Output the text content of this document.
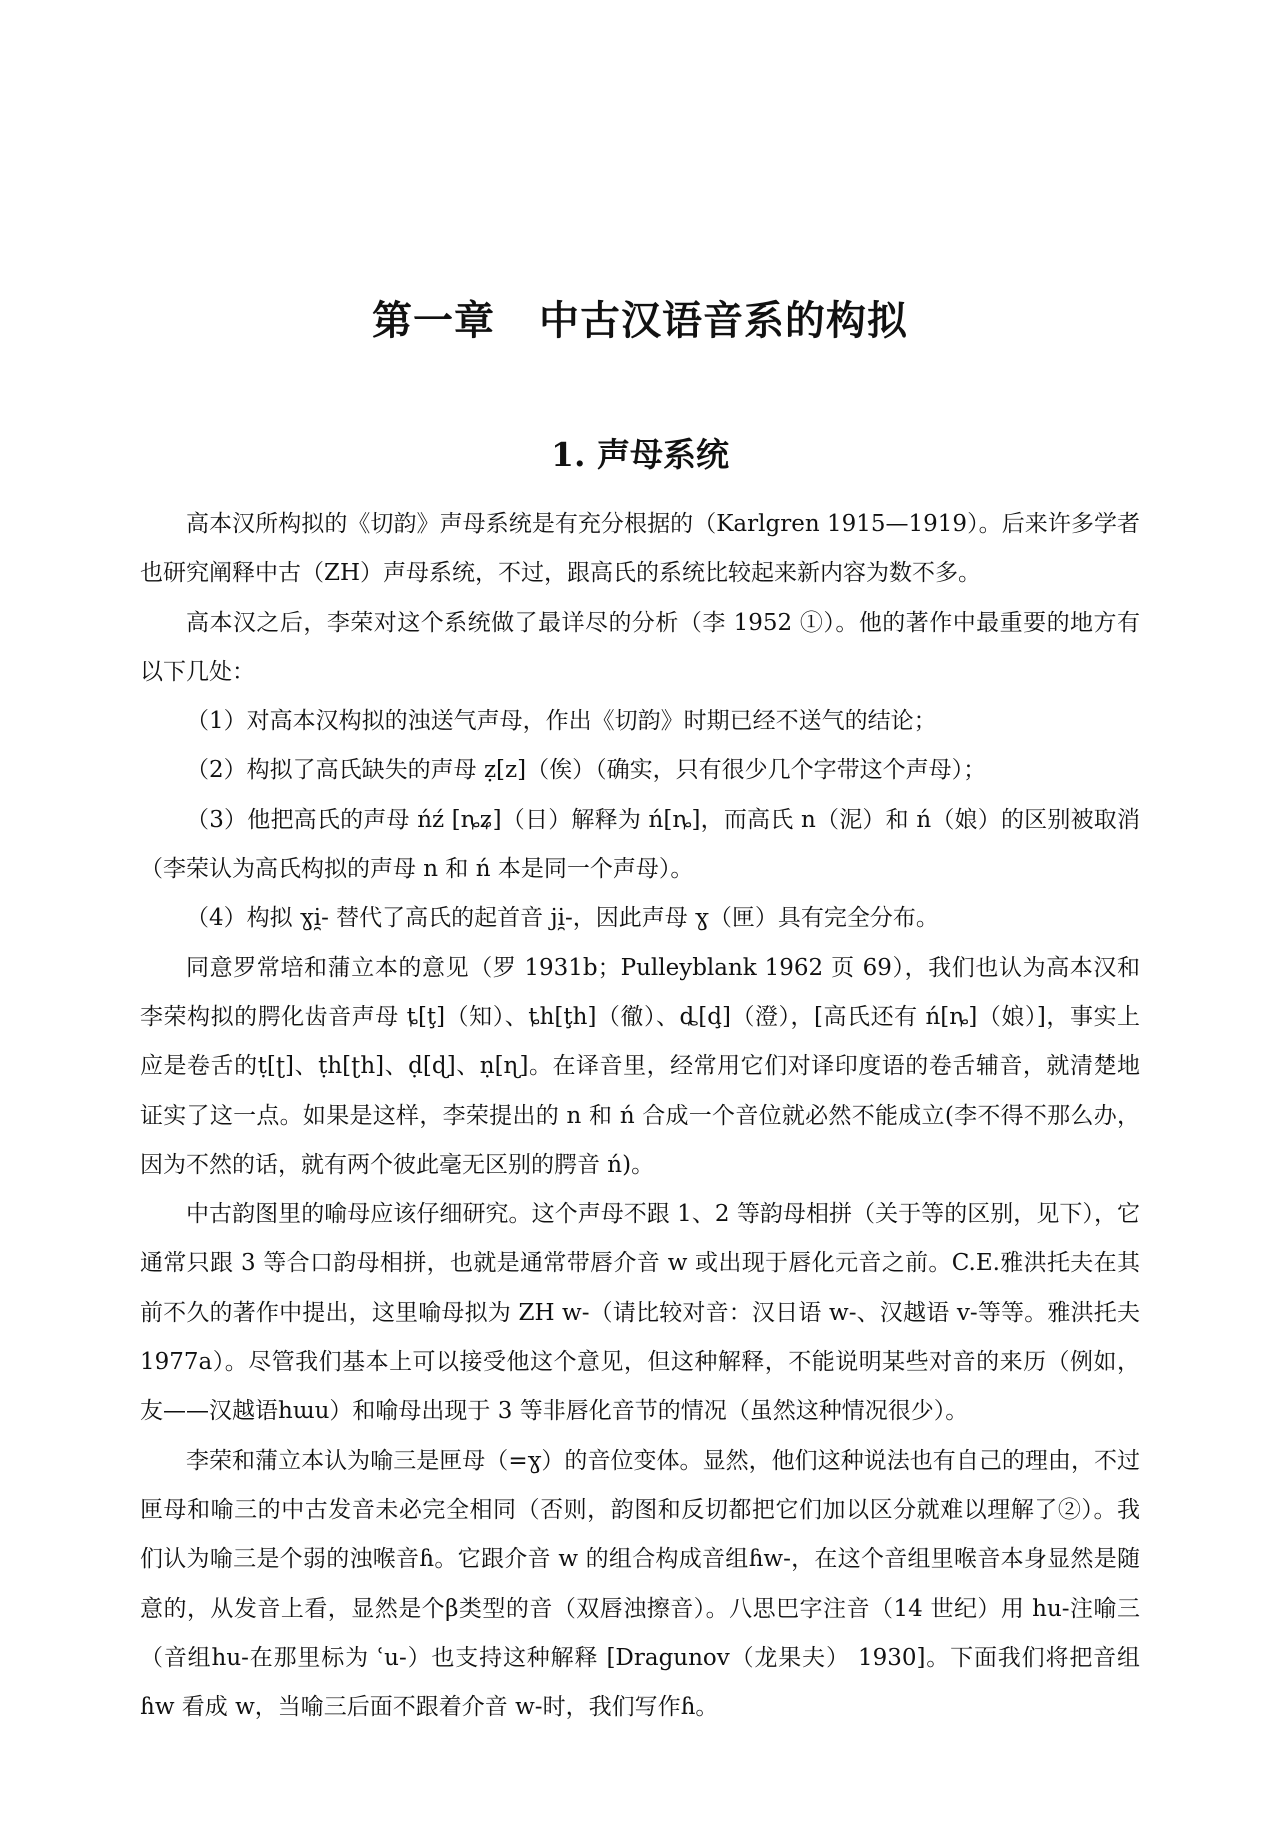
第一章 中古汉语音系的构拟
1. 声母系统

高本汉所构拟的《切韵》声母系统是有充分根据的（Karlgren 1915—1919）。后来许多学者也研究阐释中古（ZH）声母系统，不过，跟高氏的系统比较起来新内容为数不多。

高本汉之后，李荣对这个系统做了最详尽的分析（李 1952 ①）。他的著作中最重要的地方有以下几处：

（1）对高本汉构拟的浊送气声母，作出《切韵》时期已经不送气的结论；

（2）构拟了高氏缺失的声母 ẓ[z]（俟）（确实，只有很少几个字带这个声母）；

（3）他把高氏的声母 ńź [ȵʑ]（日）解释为 ń[ȵ]，而高氏 n（泥）和 ń（娘）的区别被取消（李荣认为高氏构拟的声母 n 和 ń 本是同一个声母）。

（4）构拟 ɣi̯- 替代了高氏的起首音 ji̯-，因此声母 ɣ（匣）具有完全分布。

同意罗常培和蒲立本的意见（罗 1931b；Pulleyblank 1962 页 69），我们也认为高本汉和李荣构拟的腭化齿音声母 ȶ[ţ]（知）、ȶh[ţh]（徹）、ȡ[ḑ]（澄），[高氏还有 ń[ȵ]（娘）]，事实上应是卷舌的ṭ[ʈ]、ṭh[ʈh]、ḍ[ɖ]、ṇ[ɳ]。在译音里，经常用它们对译印度语的卷舌辅音，就清楚地证实了这一点。如果是这样，李荣提出的 n 和 ń 合成一个音位就必然不能成立(李不得不那么办，因为不然的话，就有两个彼此毫无区别的腭音 ń)。

中古韵图里的喻母应该仔细研究。这个声母不跟 1、2 等韵母相拼（关于等的区别，见下），它通常只跟 3 等合口韵母相拼，也就是通常带唇介音 w 或出现于唇化元音之前。C.E.雅洪托夫在其前不久的著作中提出，这里喻母拟为 ZH w-（请比较对音：汉日语 w-、汉越语 v-等等。雅洪托夫 1977a）。尽管我们基本上可以接受他这个意见，但这种解释，不能说明某些对音的来历（例如，友——汉越语hɯu）和喻母出现于 3 等非唇化音节的情况（虽然这种情况很少）。

李荣和蒲立本认为喻三是匣母（=ɣ）的音位变体。显然，他们这种说法也有自己的理由，不过匣母和喻三的中古发音未必完全相同（否则，韵图和反切都把它们加以区分就难以理解了②）。我们认为喻三是个弱的浊喉音ɦ。它跟介音 w 的组合构成音组ɦw-，在这个音组里喉音本身显然是随意的，从发音上看，显然是个β类型的音（双唇浊擦音）。八思巴字注音（14 世纪）用 hu-注喻三（音组hu-在那里标为 ʿu-）也支持这种解释 [Dragunov（龙果夫） 1930]。下面我们将把音组ɦw 看成 w，当喻三后面不跟着介音 w-时，我们写作ɦ。
